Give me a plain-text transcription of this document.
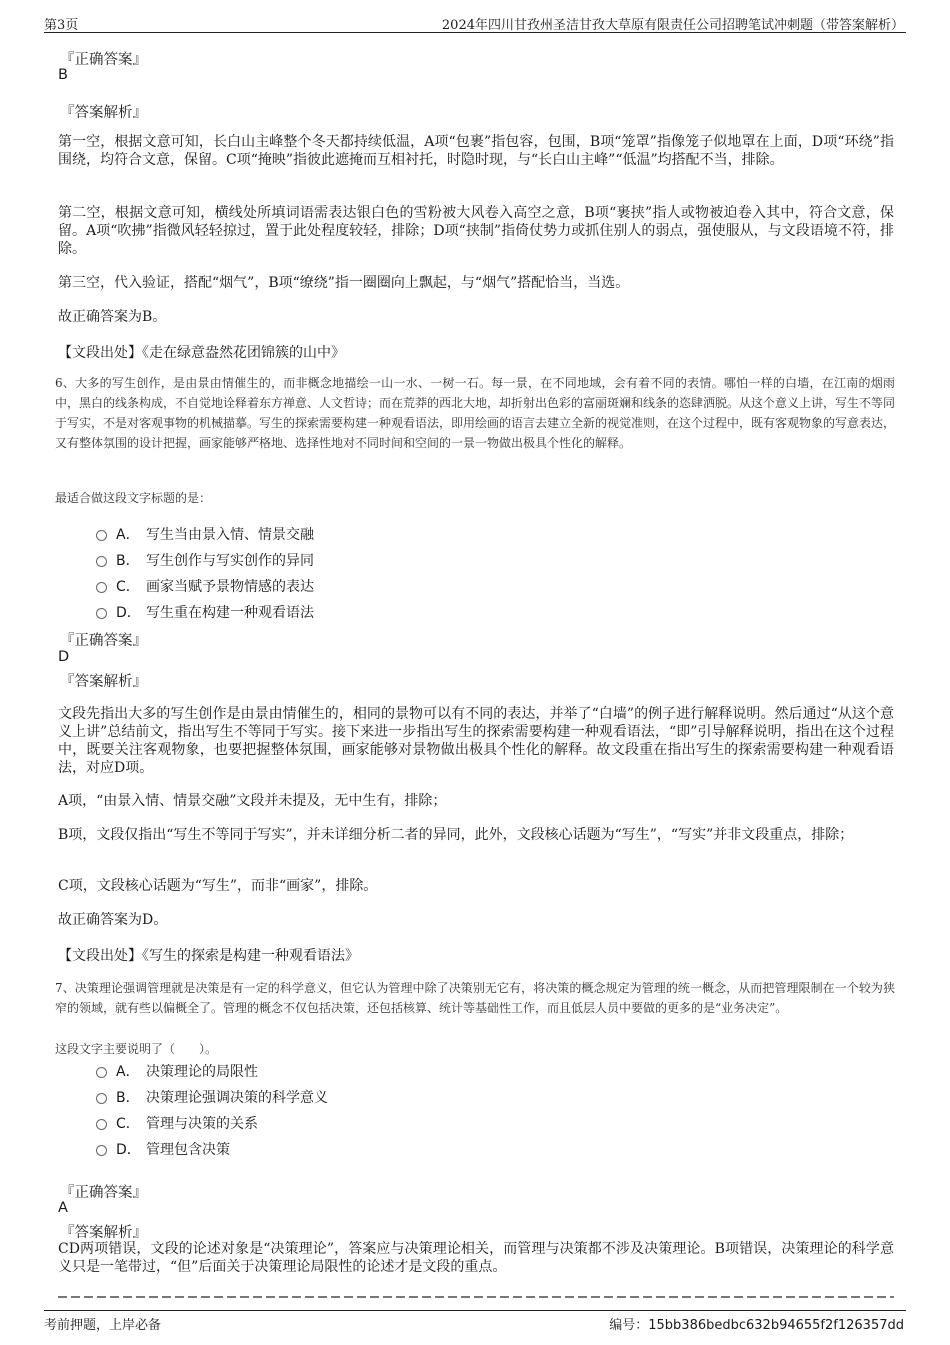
第3页	2024年四川甘孜州圣洁甘孜大草原有限责任公司招聘笔试冲刺题（带答案解析）
『正确答案』
B
『答案解析』
第一空，根据文意可知，长白山主峰整个冬天都持续低温，A项“包裹”指包容，包围，B项“笼罩”指像笼子似地罩在上面，D项“环绕”指围绕，均符合文意，保留。C项“掩映”指彼此遮掩而互相衬托，时隐时现，与“长白山主峰”“低温”均搭配不当，排除。
第二空，根据文意可知，横线处所填词语需表达银白色的雪粉被大风卷入高空之意，B项“裹挟”指人或物被迫卷入其中，符合文意，保留。A项“吹拂”指微风轻轻掠过，置于此处程度较轻，排除；D项“挟制”指倚仗势力或抓住别人的弱点，强使服从，与文段语境不符，排除。
第三空，代入验证，搭配“烟气”，B项“缭绕”指一圈圈向上飘起，与“烟气”搭配恰当，当选。
故正确答案为B。
【文段出处】《走在绿意盎然花团锦簇的山中》
6、大多的写生创作，是由景由情催生的，而非概念地描绘一山一水、一树一石。每一景，在不同地域，会有着不同的表情。哪怕一样的白墙，在江南的烟雨中，黑白的线条构成，不自觉地诠释着东方禅意、人文哲诗；而在荒莽的西北大地，却折射出色彩的富丽斑斓和线条的恣肆洒脱。从这个意义上讲，写生不等同于写实，不是对客观事物的机械描摹。写生的探索需要构建一种观看语法，即用绘画的语言去建立全新的视觉准则，在这个过程中，既有客观物象的写意表达，又有整体氛围的设计把握，画家能够严格地、选择性地对不同时间和空间的一景一物做出极具个性化的解释。
最适合做这段文字标题的是：
A． 写生当由景入情、情景交融
B． 写生创作与写实创作的异同
C． 画家当赋予景物情感的表达
D． 写生重在构建一种观看语法
『正确答案』
D
『答案解析』
文段先指出大多的写生创作是由景由情催生的，相同的景物可以有不同的表达，并举了“白墙”的例子进行解释说明。然后通过“从这个意义上讲”总结前文，指出写生不等同于写实。接下来进一步指出写生的探索需要构建一种观看语法，“即”引导解释说明，指出在这个过程中，既要关注客观物象，也要把握整体氛围，画家能够对景物做出极具个性化的解释。故文段重在指出写生的探索需要构建一种观看语法，对应D项。
A项，“由景入情、情景交融”文段并未提及，无中生有，排除；
B项，文段仅指出“写生不等同于写实”，并未详细分析二者的异同，此外，文段核心话题为“写生”，“写实”并非文段重点，排除；
C项，文段核心话题为“写生”，而非“画家”，排除。
故正确答案为D。
【文段出处】《写生的探索是构建一种观看语法》
7、决策理论强调管理就是决策是有一定的科学意义，但它认为管理中除了决策别无它有，将决策的概念规定为管理的统一概念，从而把管理限制在一个较为狭窄的领域，就有些以偏概全了。管理的概念不仅包括决策，还包括核算、统计等基础性工作，而且低层人员中要做的更多的是“业务决定”。
这段文字主要说明了（　　）。
A． 决策理论的局限性
B． 决策理论强调决策的科学意义
C． 管理与决策的关系
D． 管理包含决策
『正确答案』
A
『答案解析』
CD两项错误，文段的论述对象是“决策理论”，答案应与决策理论相关，而管理与决策都不涉及决策理论。B项错误，决策理论的科学意义只是一笔带过，“但”后面关于决策理论局限性的论述才是文段的重点。
考前押题，上岸必备	编号：15bb386bedbc632b94655f2f126357dd
